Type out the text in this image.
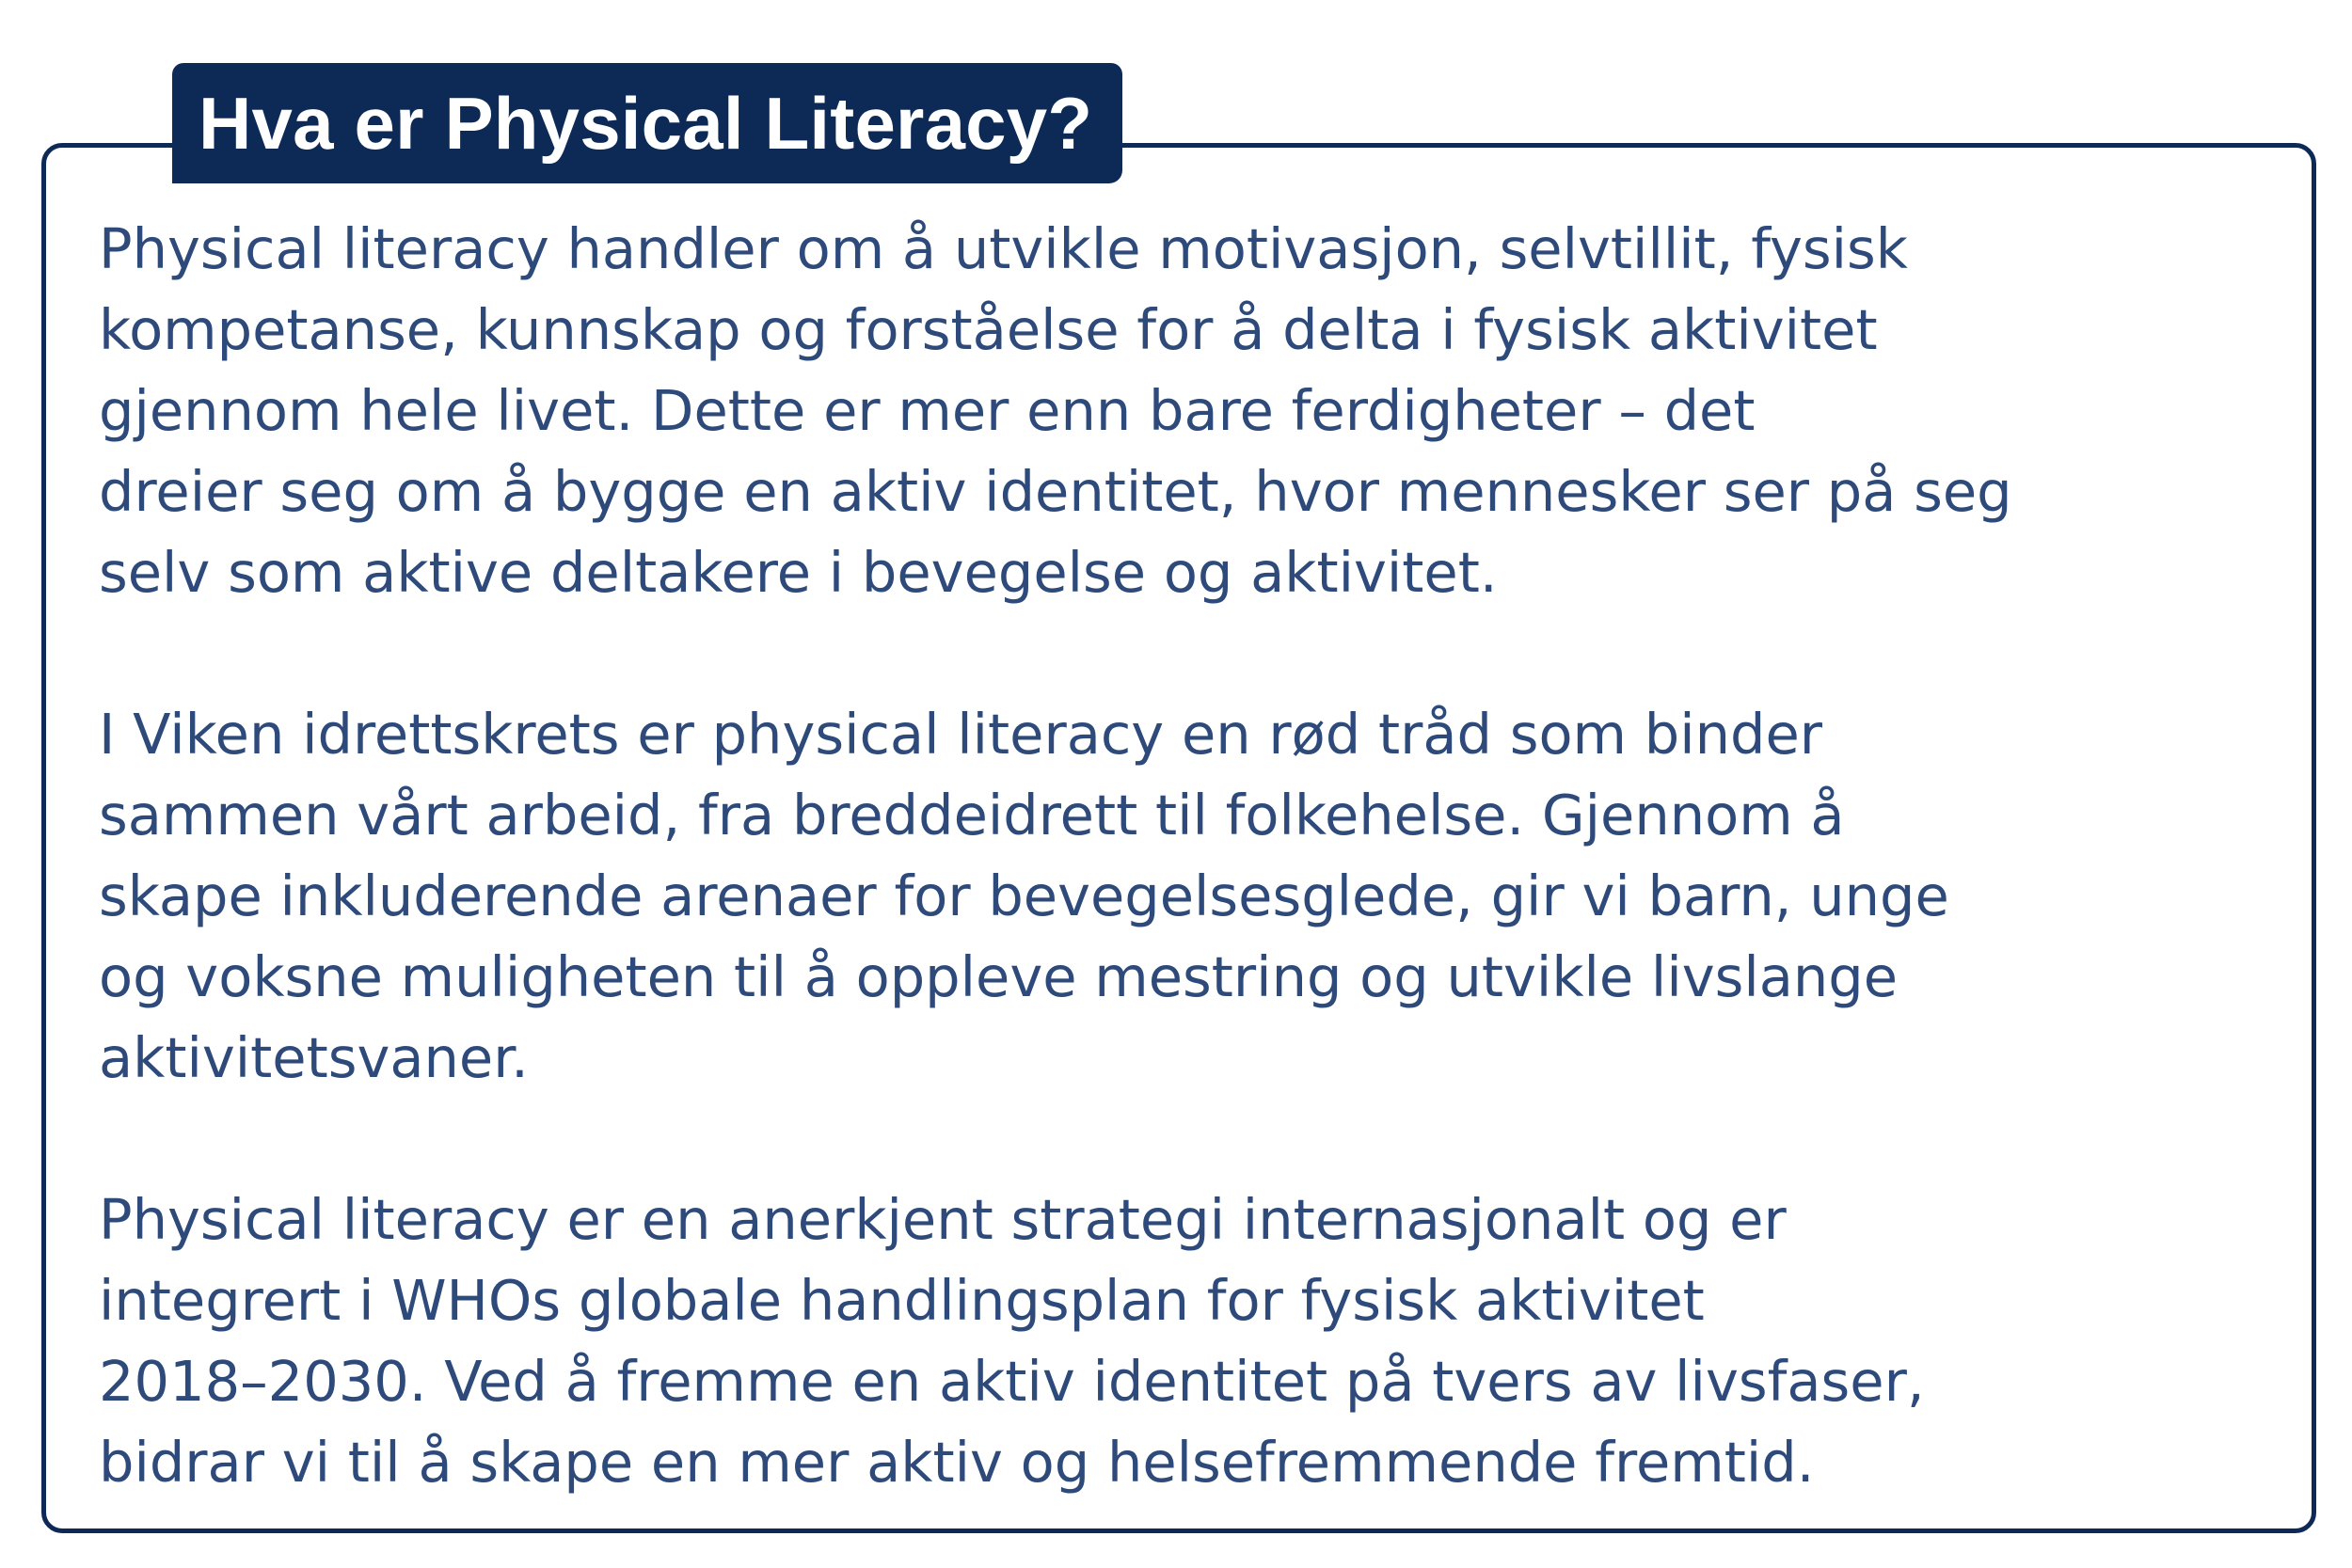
Hva er Physical Literacy?

Physical literacy handler om å utvikle motivasjon, selvtillit, fysisk
kompetanse, kunnskap og forståelse for å delta i fysisk aktivitet
gjennom hele livet. Dette er mer enn bare ferdigheter – det
dreier seg om å bygge en aktiv identitet, hvor mennesker ser på seg
selv som aktive deltakere i bevegelse og aktivitet.

I Viken idrettskrets er physical literacy en rød tråd som binder
sammen vårt arbeid, fra breddeidrett til folkehelse. Gjennom å
skape inkluderende arenaer for bevegelsesglede, gir vi barn, unge
og voksne muligheten til å oppleve mestring og utvikle livslange
aktivitetsvaner.

Physical literacy er en anerkjent strategi internasjonalt og er
integrert i WHOs globale handlingsplan for fysisk aktivitet
2018–2030. Ved å fremme en aktiv identitet på tvers av livsfaser,
bidrar vi til å skape en mer aktiv og helsefremmende fremtid.
